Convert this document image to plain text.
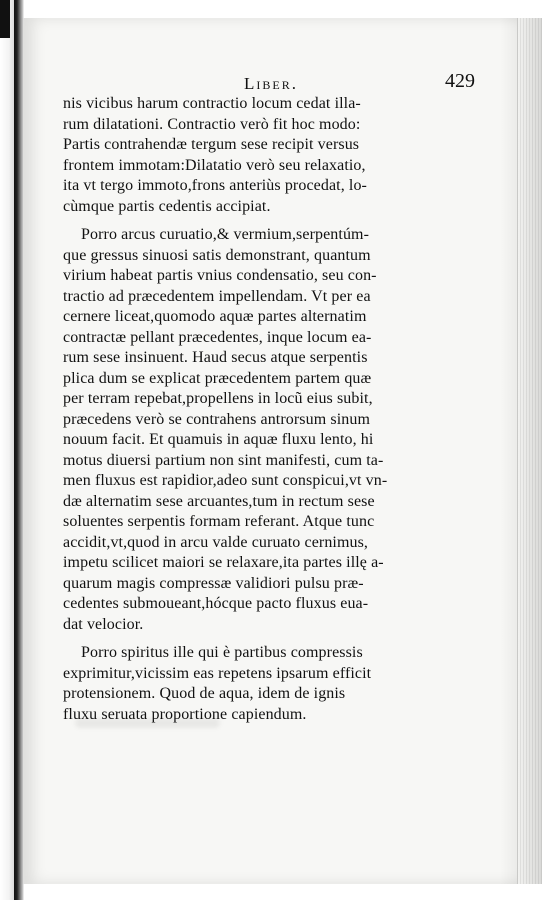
Liber.	429
nis vicibus harum contractio locum cedat illa-
rum dilatationi. Contractio verò fit hoc modo:
Partis contrahendæ tergum sese recipit versus
frontem immotam:Dilatatio verò seu relaxatio,
ita vt tergo immoto,frons anteriùs procedat, lo-
cùmque partis cedentis accipiat.
Porro arcus curuatio,& vermium,serpentúm-
que gressus sinuosi satis demonstrant, quantum
virium habeat partis vnius condensatio, seu con-
tractio ad præcedentem impellendam. Vt per ea
cernere liceat,quomodo aquæ partes alternatim
contractæ pellant præcedentes, inque locum ea-
rum sese insinuent. Haud secus atque serpentis
plica dum se explicat præcedentem partem quæ
per terram repebat,propellens in locũ eius subit,
præcedens verò se contrahens antrorsum sinum
nouum facit. Et quamuis in aquæ fluxu lento, hi
motus diuersi partium non sint manifesti, cum ta-
men fluxus est rapidior,adeo sunt conspicui,vt vn-
dæ alternatim sese arcuantes,tum in rectum sese
soluentes serpentis formam referant. Atque tunc
accidit,vt,quod in arcu valde curuato cernimus,
impetu scilicet maiori se relaxare,ita partes illę a-
quarum magis compressæ validiori pulsu præ-
cedentes submoueant,hócque pacto fluxus eua-
dat velocior.
Porro spiritus ille qui è partibus compressis
exprimitur,vicissim eas repetens ipsarum efficit
protensionem. Quod de aqua, idem de ignis
fluxu seruata proportione capiendum.
